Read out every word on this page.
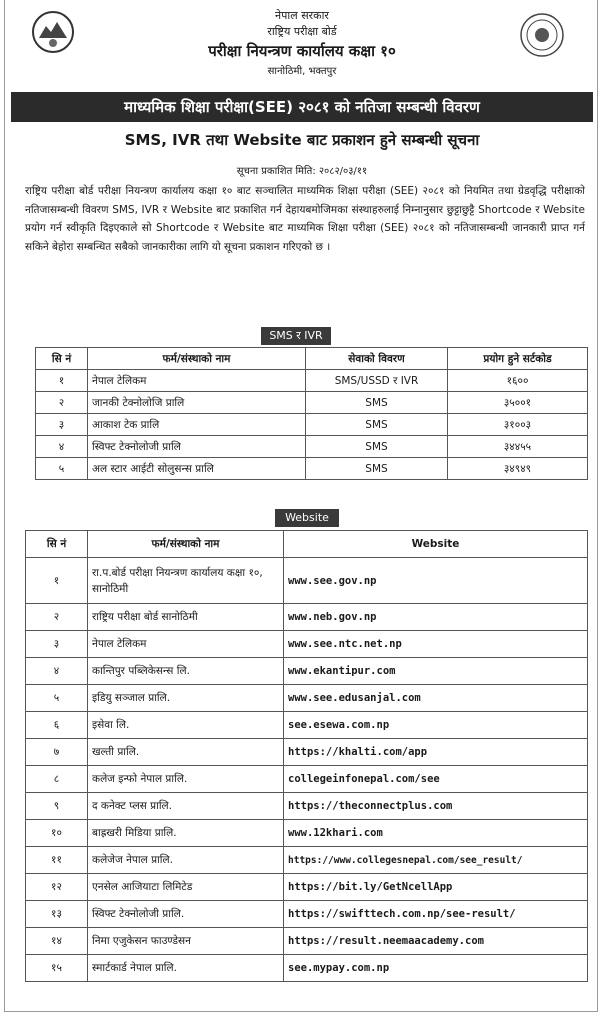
नेपाल सरकार
राष्ट्रिय परीक्षा बोर्ड
परीक्षा नियन्त्रण कार्यालय कक्षा १०
सानोठिमी, भक्तपुर
माध्यमिक शिक्षा परीक्षा(SEE) २०८१ को नतिजा सम्बन्धी विवरण
SMS, IVR तथा Website बाट प्रकाशन हुने सम्बन्धी सूचना
सूचना प्रकाशित मिति: २०८२/०३/११
राष्ट्रिय परीक्षा बोर्ड परीक्षा नियन्त्रण कार्यालय कक्षा १० बाट सञ्चालित माध्यमिक शिक्षा परीक्षा (SEE) २०८१ को नियमित तथा ग्रेडवृद्धि परीक्षाको नतिजासम्बन्धी विवरण SMS, IVR र Website बाट प्रकाशित गर्न देहायबमोजिमका संस्थाहरुलाई निम्नानुसार छुट्टाछुट्टै Shortcode र Website प्रयोग गर्न स्वीकृति दिइएकाले सो Shortcode र Website बाट माध्यमिक शिक्षा परीक्षा (SEE) २०८१ को नतिजासम्बन्धी जानकारी प्राप्त गर्न सकिने बेहोरा सम्बन्धित सबैको जानकारीका लागि यो सूचना प्रकाशन गरिएको छ ।
SMS र IVR
सि नं	फर्म/संस्थाको नाम	सेवाको विवरण	प्रयोग हुने सर्टकोड
१	नेपाल टेलिकम	SMS/USSD र IVR	१६००
२	जानकी टेक्नोलोजि प्रालि	SMS	३५००१
३	आकाश टेक प्रालि	SMS	३१००३
४	स्विफ्ट टेक्नोलोजी प्रालि	SMS	३४४५५
५	अल स्टार आईटी सोलुसन्स प्रालि	SMS	३४९४९
Website
सि नं	फर्म/संस्थाको नाम	Website
१	रा.प.बोर्ड परीक्षा नियन्त्रण कार्यालय कक्षा १०, सानोठिमी	www.see.gov.np
२	राष्ट्रिय परीक्षा बोर्ड सानोठिमी	www.neb.gov.np
३	नेपाल टेलिकम	www.see.ntc.net.np
४	कान्तिपुर पब्लिकेसन्स लि.	www.ekantipur.com
५	इडियु सञ्जाल प्रालि.	www.see.edusanjal.com
६	इसेवा लि.	see.esewa.com.np
७	खल्ती प्रालि.	https://khalti.com/app
८	कलेज इन्फो नेपाल प्रालि.	collegeinfonepal.com/see
९	द कनेक्ट प्लस प्रालि.	https://theconnectplus.com
१०	बाह्रखरी मिडिया प्रालि.	www.12khari.com
११	कलेजेज नेपाल प्रालि.	https://www.collegesnepal.com/see_result/
१२	एनसेल आजियाटा लिमिटेड	https://bit.ly/GetNcellApp
१३	स्विफ्ट टेक्नोलोजी प्रालि.	https://swifttech.com.np/see-result/
१४	निमा एजुकेसन फाउण्डेसन	https://result.neemaacademy.com
१५	स्मार्टकार्ड नेपाल प्रालि.	see.mypay.com.np
